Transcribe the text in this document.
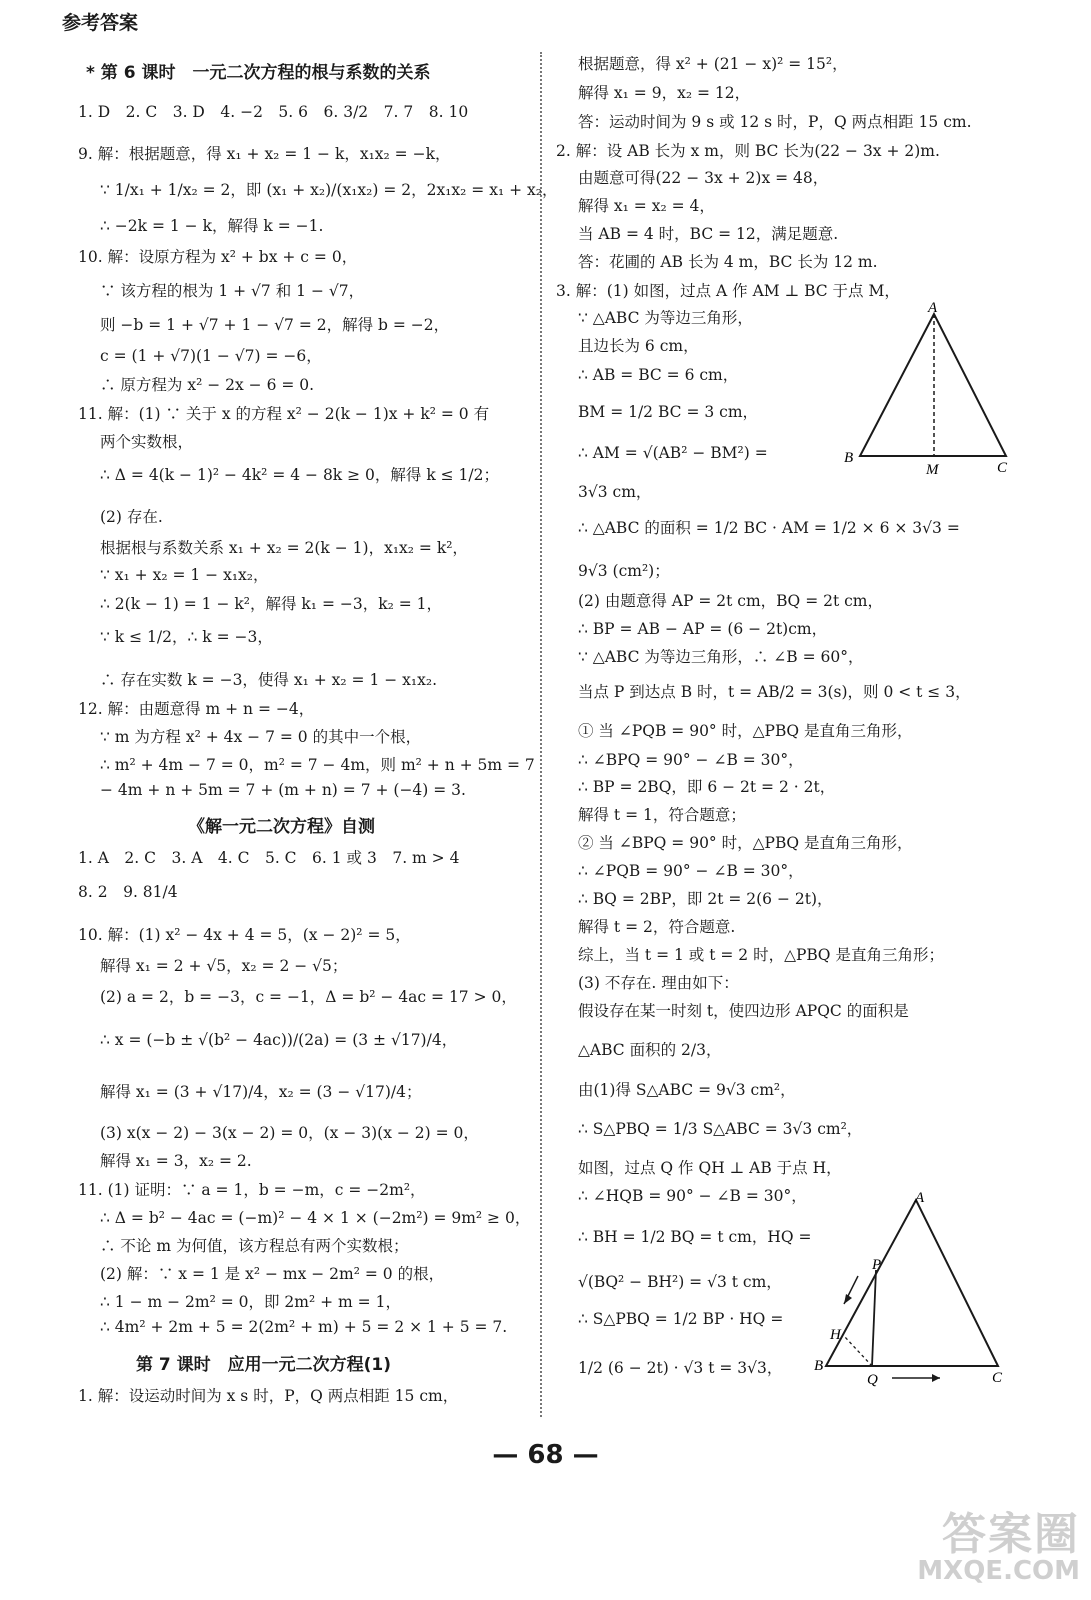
参考答案
* 第 6 课时　一元二次方程的根与系数的关系
1. D　2. C　3. D　4. −2　5. 6　6. 3/2　7. 7　8. 10
9. 解：根据题意，得 x₁ + x₂ = 1 − k，x₁x₂ = −k，
∵ 1/x₁ + 1/x₂ = 2，即 (x₁ + x₂)/(x₁x₂) = 2，2x₁x₂ = x₁ + x₂，
∴ −2k = 1 − k，解得 k = −1.
10. 解：设原方程为 x² + bx + c = 0，
∵ 该方程的根为 1 + √7 和 1 − √7，
则 −b = 1 + √7 + 1 − √7 = 2，解得 b = −2，
c = (1 + √7)(1 − √7) = −6，
∴ 原方程为 x² − 2x − 6 = 0.
11. 解：(1) ∵ 关于 x 的方程 x² − 2(k − 1)x + k² = 0 有
两个实数根，
∴ Δ = 4(k − 1)² − 4k² = 4 − 8k ≥ 0，解得 k ≤ 1/2；
(2) 存在.
根据根与系数关系 x₁ + x₂ = 2(k − 1)，x₁x₂ = k²，
∵ x₁ + x₂ = 1 − x₁x₂，
∴ 2(k − 1) = 1 − k²，解得 k₁ = −3，k₂ = 1，
∵ k ≤ 1/2，∴ k = −3，
∴ 存在实数 k = −3，使得 x₁ + x₂ = 1 − x₁x₂.
12. 解：由题意得 m + n = −4，
∵ m 为方程 x² + 4x − 7 = 0 的其中一个根，
∴ m² + 4m − 7 = 0，m² = 7 − 4m，则 m² + n + 5m = 7
− 4m + n + 5m = 7 + (m + n) = 7 + (−4) = 3.
《解一元二次方程》自测
1. A　2. C　3. A　4. C　5. C　6. 1 或 3　7. m > 4
8. 2　9. 81/4
10. 解：(1) x² − 4x + 4 = 5，(x − 2)² = 5，
解得 x₁ = 2 + √5，x₂ = 2 − √5；
(2) a = 2，b = −3，c = −1，Δ = b² − 4ac = 17 > 0，
∴ x = (−b ± √(b² − 4ac))/(2a) = (3 ± √17)/4，
解得 x₁ = (3 + √17)/4，x₂ = (3 − √17)/4；
(3) x(x − 2) − 3(x − 2) = 0，(x − 3)(x − 2) = 0，
解得 x₁ = 3，x₂ = 2.
11. (1) 证明：∵ a = 1，b = −m，c = −2m²，
∴ Δ = b² − 4ac = (−m)² − 4 × 1 × (−2m²) = 9m² ≥ 0，
∴ 不论 m 为何值，该方程总有两个实数根；
(2) 解：∵ x = 1 是 x² − mx − 2m² = 0 的根，
∴ 1 − m − 2m² = 0，即 2m² + m = 1，
∴ 4m² + 2m + 5 = 2(2m² + m) + 5 = 2 × 1 + 5 = 7.
第 7 课时　应用一元二次方程(1)
1. 解：设运动时间为 x s 时，P，Q 两点相距 15 cm，
根据题意，得 x² + (21 − x)² = 15²，
解得 x₁ = 9，x₂ = 12，
答：运动时间为 9 s 或 12 s 时，P，Q 两点相距 15 cm.
2. 解：设 AB 长为 x m，则 BC 长为(22 − 3x + 2)m.
由题意可得(22 − 3x + 2)x = 48，
解得 x₁ = x₂ = 4，
当 AB = 4 时，BC = 12，满足题意.
答：花圃的 AB 长为 4 m，BC 长为 12 m.
3. 解：(1) 如图，过点 A 作 AM ⊥ BC 于点 M，
∵ △ABC 为等边三角形，
且边长为 6 cm，
∴ AB = BC = 6 cm，
BM = 1/2 BC = 3 cm，
∴ AM = √(AB² − BM²) =
3√3 cm，
∴ △ABC 的面积 = 1/2 BC · AM = 1/2 × 6 × 3√3 =
9√3 (cm²)；
(2) 由题意得 AP = 2t cm，BQ = 2t cm，
∴ BP = AB − AP = (6 − 2t)cm，
∵ △ABC 为等边三角形，∴ ∠B = 60°，
当点 P 到达点 B 时，t = AB/2 = 3(s)，则 0 < t ≤ 3，
① 当 ∠PQB = 90° 时，△PBQ 是直角三角形，
∴ ∠BPQ = 90° − ∠B = 30°，
∴ BP = 2BQ，即 6 − 2t = 2 · 2t，
解得 t = 1，符合题意；
② 当 ∠BPQ = 90° 时，△PBQ 是直角三角形，
∴ ∠PQB = 90° − ∠B = 30°，
∴ BQ = 2BP，即 2t = 2(6 − 2t)，
解得 t = 2，符合题意.
综上，当 t = 1 或 t = 2 时，△PBQ 是直角三角形；
(3) 不存在. 理由如下：
假设存在某一时刻 t，使四边形 APQC 的面积是
△ABC 面积的 2/3，
由(1)得 S△ABC = 9√3 cm²，
∴ S△PBQ = 1/3 S△ABC = 3√3 cm²，
如图，过点 Q 作 QH ⊥ AB 于点 H，
∴ ∠HQB = 90° − ∠B = 30°，
∴ BH = 1/2 BQ = t cm，HQ =
√(BQ² − BH²) = √3 t cm，
∴ S△PBQ = 1/2 BP · HQ =
1/2 (6 − 2t) · √3 t = 3√3，
A
B
M	C
A
P
H
B
Q	C
— 68 —
答案圈
MXQE.COM
